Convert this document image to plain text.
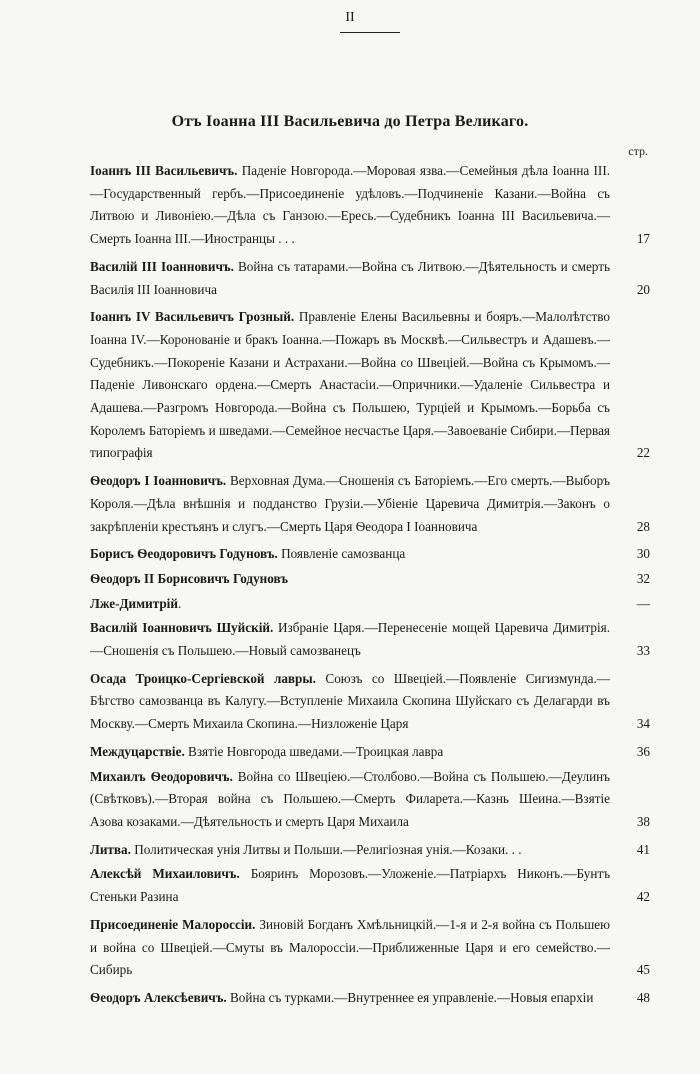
II
Отъ Іоанна III Васильевича до Петра Великаго.
стр.
Іоаннъ III Васильевичъ. Паденіе Новгорода.—Моровая язва.—Семейныя дѣла Іоанна III.—Государственный гербъ.—Присоединеніе удѣловъ.—Подчиненіе Казани.—Война съ Литвою и Ливоніею.—Дѣла съ Ганзою.—Ересь.—Судебникъ Іоанна III Васильевича.—Смерть Іоанна III.—Иностранцы . . .	17
Василій III Іоанновичъ. Война съ татарами.—Война съ Литвою.—Дѣятельность и смерть Василія III Іоанновича	20
Іоаннъ IV Васильевичъ Грозный. Правленіе Елены Васильевны и бояръ.—Малолѣтство Іоанна IV.—Коронованіе и бракъ Іоанна.—Пожаръ въ Москвѣ.—Сильвестръ и Адашевъ.—Судебникъ.—Покореніе Казани и Астрахани.—Война со Швеціей.—Война съ Крымомъ.—Паденіе Ливонскаго ордена.—Смерть Анастасіи.—Опричники.—Удаленіе Сильвестра и Адашева.—Разгромъ Новгорода.—Война съ Польшею, Турціей и Крымомъ.—Борьба съ Королемъ Баторіемъ и шведами.—Семейное несчастье Царя.—Завоеваніе Сибири.—Первая типографія	22
Ѳеодоръ I Іоанновичъ. Верховная Дума.—Сношенія съ Баторіемъ.—Его смерть.—Выборъ Короля.—Дѣла внѣшнія и подданство Грузіи.—Убіеніе Царевича Димитрія.—Законъ о закрѣпленіи крестьянъ и слугъ.—Смерть Царя Ѳеодора I Іоанновича	28
Борисъ Ѳеодоровичъ Годуновъ. Появленіе самозванца	30
Ѳеодоръ II Борисовичъ Годуновъ	32
Лже-Димитрій.	—
Василій Іоанновичъ Шуйскій. Избраніе Царя.—Перенесеніе мощей Царевича Димитрія.—Сношенія съ Польшею.—Новый самозванецъ	33
Осада Троицко-Сергіевской лавры. Союзъ со Швеціей.—Появленіе Сигизмунда.—Бѣгство самозванца въ Калугу.—Вступленіе Михаила Скопина Шуйскаго съ Делагарди въ Москву.—Смерть Михаила Скопина.—Низложеніе Царя	34
Междуцарствіе. Взятіе Новгорода шведами.—Троицкая лавра	36
Михаилъ Ѳеодоровичъ. Война со Швеціею.—Столбово.—Война съ Польшею.—Деулинъ (Свѣтковъ).—Вторая война съ Польшею.—Смерть Филарета.—Казнь Шеина.—Взятіе Азова козаками.—Дѣятельность и смерть Царя Михаила	38
Литва. Политическая унія Литвы и Польши.—Религіозная унія.—Козаки. . .	41
Алексѣй Михаиловичъ. Бояринъ Морозовъ.—Уложеніе.—Патріархъ Никонъ.—Бунтъ Стеньки Разина	42
Присоединеніе Малороссіи. Зиновій Богданъ Хмѣльницкій.—1-я и 2-я война съ Польшею и война со Швеціей.—Смуты въ Малороссіи.—Приближенные Царя и его семейство.—Сибирь	45
Ѳеодоръ Алексѣевичъ. Война съ турками.—Внутреннее ея управленіе.—Новыя епархіи	48
